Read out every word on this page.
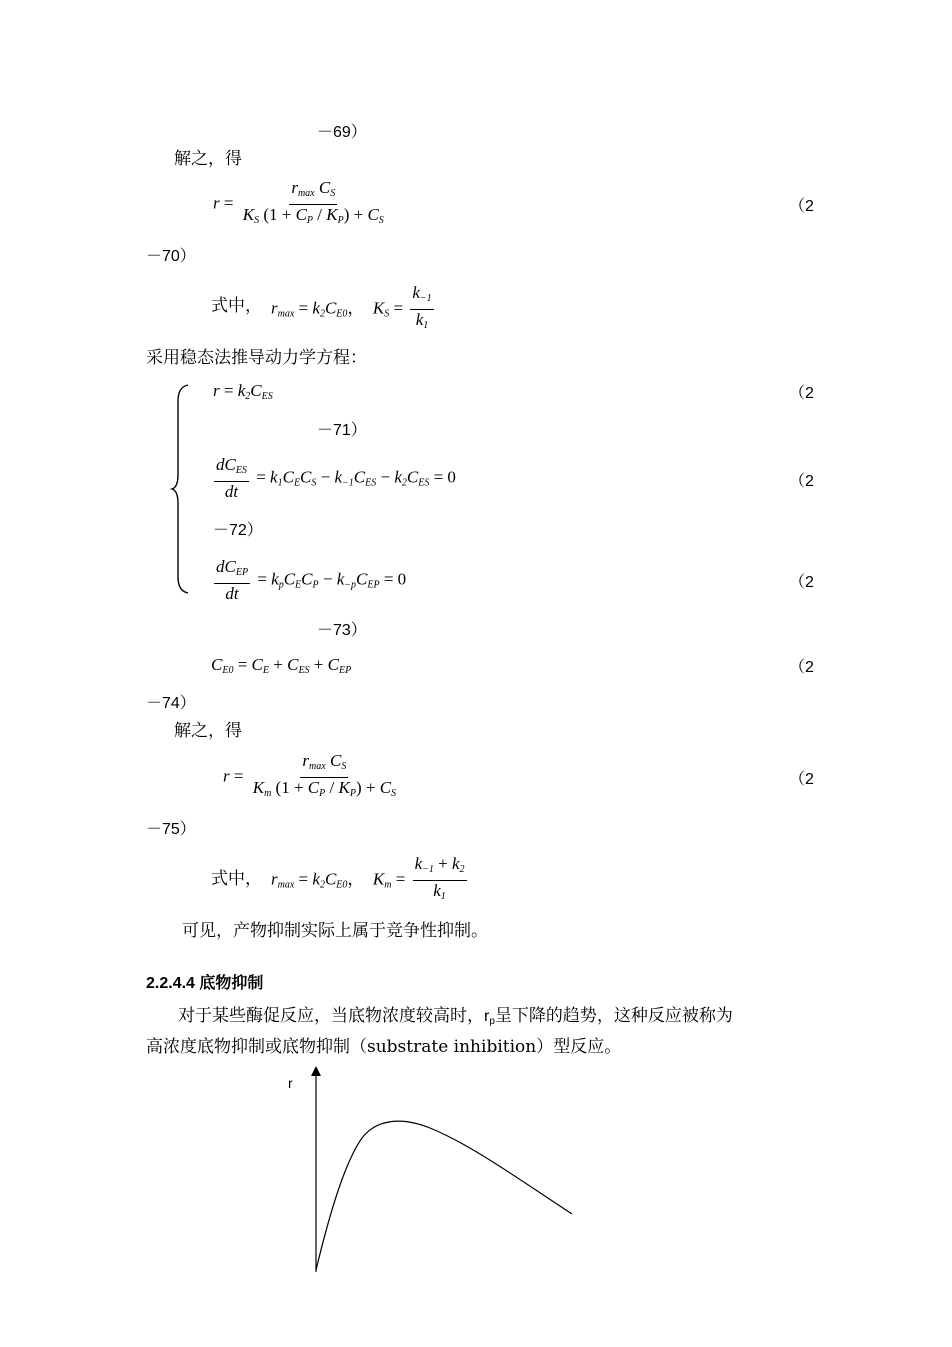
－69）
解之，得
$r = \frac{r_{max} C_S}{K_S (1 + C_P / K_P) + C_S}$	（2
－70）
式中， $r_{max} = k_2C_{E0}$，  $K_S = \frac{k_{-1}}{k_1}$
采用稳态法推导动力学方程：
$r = k_2C_{ES}$	（2
－71）
$\frac{dC_{ES}}{dt} = k_1C_EC_S - k_{-1}C_{ES} - k_2C_{ES} = 0$	（2
－72）
$\frac{dC_{EP}}{dt} = k_pC_EC_P - k_{-p}C_{EP} = 0$	（2
－73）
$C_{E0} = C_E + C_{ES} + C_{EP}$	（2
－74）
解之，得
$r = \frac{r_{max} C_S}{K_m (1 + C_P / K_P) + C_S}$	（2
－75）
式中， $r_{max} = k_2C_{E0}$，  $K_m = \frac{k_{-1} + k_2}{k_1}$
可见，产物抑制实际上属于竞争性抑制。
2.2.4.4 底物抑制
对于某些酶促反应，当底物浓度较高时，$r_p$呈下降的趋势，这种反应被称为
高浓度底物抑制或底物抑制（substrate inhibition）型反应。
r
